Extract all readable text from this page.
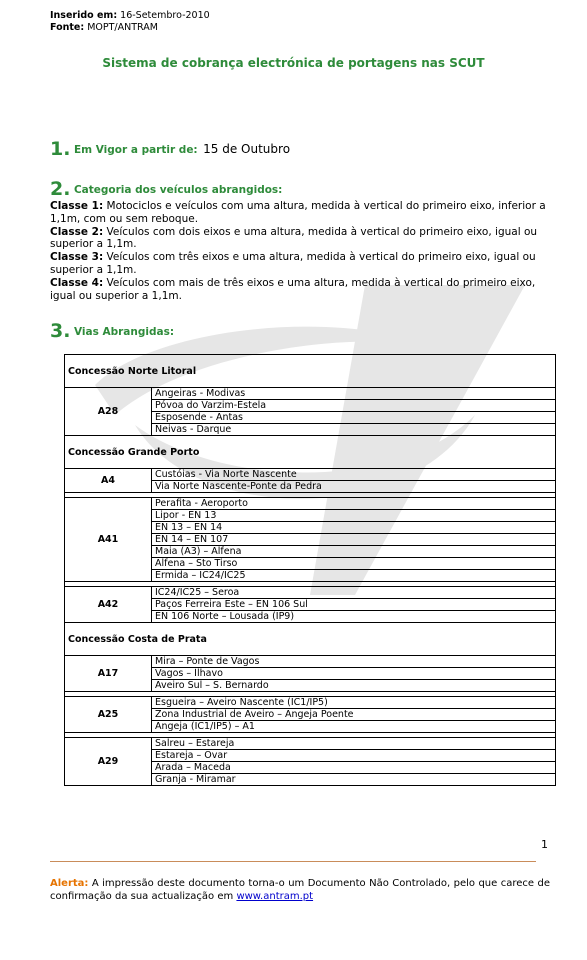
Inserido em: 16-Setembro-2010
Fonte: MOPT/ANTRAM
Sistema de cobrança electrónica de portagens nas SCUT
1. Em Vigor a partir de: 15 de Outubro
2. Categoria dos veículos abrangidos:

Classe 1: Motociclos e veículos com uma altura, medida à vertical do primeiro eixo, inferior a 1,1m, com ou sem reboque.

Classe 2: Veículos com dois eixos e uma altura, medida à vertical do primeiro eixo, igual ou superior a 1,1m.

Classe 3: Veículos com três eixos e uma altura, medida à vertical do primeiro eixo, igual ou superior a 1,1m.

Classe 4: Veículos com mais de três eixos e uma altura, medida à vertical do primeiro eixo, igual ou superior a 1,1m.

3. Vias Abrangidas:
Concessão Norte Litoral	
A28	Angeiras - Modivas
	Póvoa do Varzim-Estela
	Esposende - Antas
	Neivas - Darque
Concessão Grande Porto	
A4	Custóias - Via Norte Nascente
	Via Norte Nascente-Ponte da Pedra

A41	Perafita - Aeroporto
	Lipor - EN 13
	EN 13 – EN 14
	EN 14 – EN 107
	Maia (A3) – Alfena
	Alfena – Sto Tirso
	Ermida – IC24/IC25

A42	IC24/IC25 – Seroa
	Paços Ferreira Este – EN 106 Sul
	EN 106 Norte – Lousada (IP9)
Concessão Costa de Prata	
A17	Mira – Ponte de Vagos
	Vagos – Ílhavo
	Aveiro Sul – S. Bernardo

A25	Esgueira – Aveiro Nascente (IC1/IP5)
	Zona Industrial de Aveiro – Angeja Poente
	Angeja (IC1/IP5) – A1

A29	Salreu – Estareja
	Estareja – Ovar
	Arada – Maceda
	Granja - Miramar
1
Alerta: A impressão deste documento torna-o um Documento Não Controlado, pelo que carece de confirmação da sua actualização em www.antram.pt
